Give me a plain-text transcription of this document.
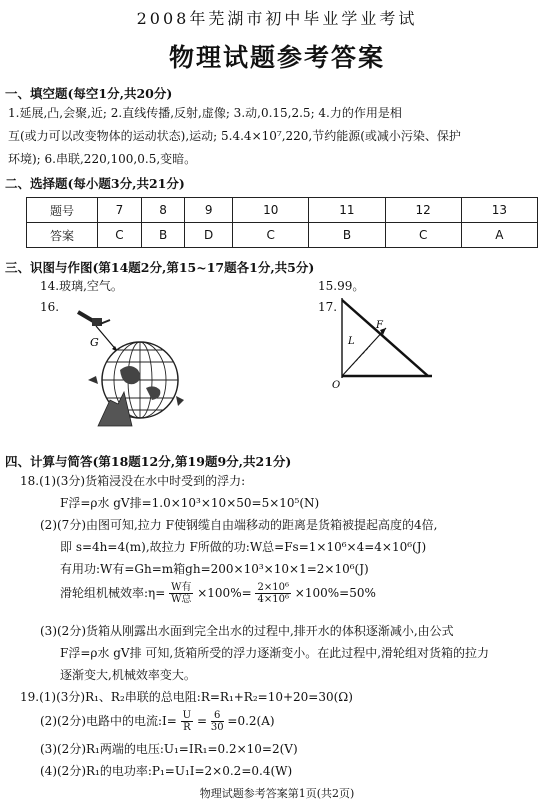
2008年芜湖市初中毕业学业考试
物理试题参考答案
一、填空题(每空1分,共20分)
1.延展,凸,会聚,近; 2.直线传播,反射,虚像; 3.动,0.15,2.5; 4.力的作用是相
互(或力可以改变物体的运动状态),运动; 5.4.4×10⁷,220,节约能源(或减小污染、保护
环境); 6.串联,220,100,0.5,变暗。
二、选择题(每小题3分,共21分)
题号	7	8	9	10	11	12	13
答案	C	B	D	C	B	C	A
三、识图与作图(第14题2分,第15~17题各1分,共5分)
14.玻璃,空气。	15.99。
16.	17.
G
F
L
O
四、计算与简答(第18题12分,第19题9分,共21分)
18.(1)(3分)货箱浸没在水中时受到的浮力:
F浮=ρ水 gV排=1.0×10³×10×50=5×10⁵(N)
(2)(7分)由图可知,拉力 F使钢缆自由端移动的距离是货箱被提起高度的4倍,
即 s=4h=4(m),故拉力 F所做的功:W总=Fs=1×10⁶×4=4×10⁶(J)
有用功:W有=Gh=m箱gh=200×10³×10×1=2×10⁶(J)
滑轮组机械效率:η= $\frac{\text{W有}}{\text{W总}} \times 100\%= \frac{\text{2×10⁶}}{\text{4×10⁶}} \times 100\%=50\%$
(3)(2分)货箱从刚露出水面到完全出水的过程中,排开水的体积逐渐减小,由公式
F浮=ρ水 gV排 可知,货箱所受的浮力逐渐变小。在此过程中,滑轮组对货箱的拉力
逐渐变大,机械效率变大。
19.(1)(3分)R₁、R₂串联的总电阻:R=R₁+R₂=10+20=30(Ω)
(2)(2分)电路中的电流:I= $\frac{U}{R} = \frac{6}{30} =0.2(A)$
(3)(2分)R₁两端的电压:U₁=IR₁=0.2×10=2(V)
(4)(2分)R₁的电功率:P₁=U₁I=2×0.2=0.4(W)
物理试题参考答案第1页(共2页)
